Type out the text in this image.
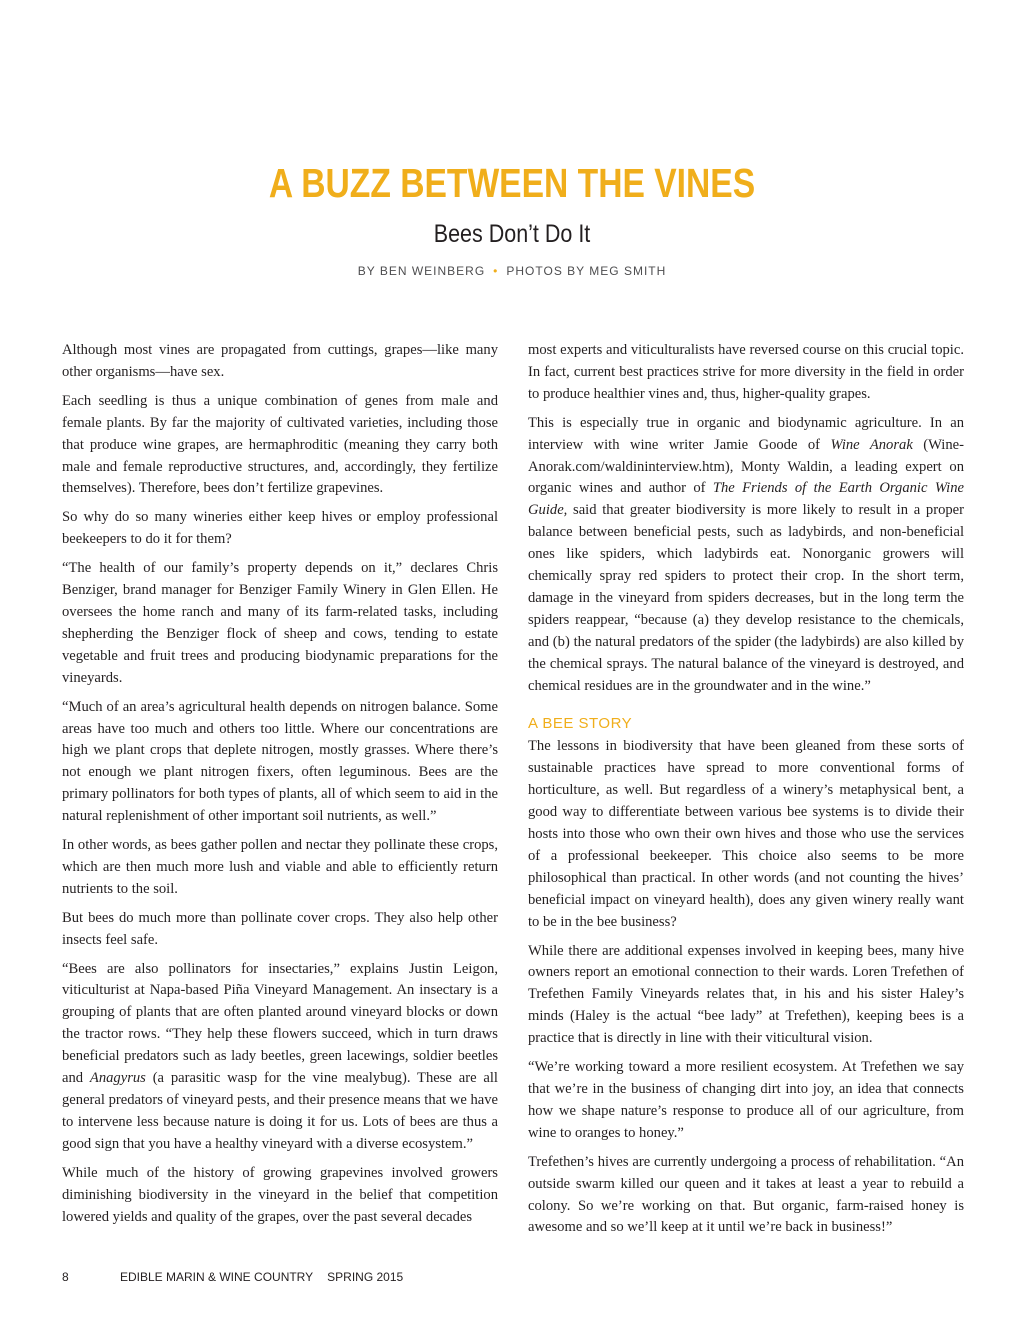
A BUZZ BETWEEN THE VINES
Bees Don’t Do It
BY BEN WEINBERG • PHOTOS BY MEG SMITH

Although most vines are propagated from cuttings, grapes—like many other organisms—have sex.

Each seedling is thus a unique combination of genes from male and female plants. By far the majority of cultivated varieties, including those that produce wine grapes, are hermaphroditic (meaning they carry both male and female reproductive structures, and, accordingly, they fertilize themselves). Therefore, bees don’t fertilize grapevines.

So why do so many wineries either keep hives or employ professional beekeepers to do it for them?

“The health of our family’s property depends on it,” declares Chris Benziger, brand manager for Benziger Family Winery in Glen Ellen. He oversees the home ranch and many of its farm-related tasks, including shepherding the Benziger flock of sheep and cows, tending to estate vegetable and fruit trees and producing biodynamic preparations for the vineyards.

“Much of an area’s agricultural health depends on nitrogen balance. Some areas have too much and others too little. Where our concentrations are high we plant crops that deplete nitrogen, mostly grasses. Where there’s not enough we plant nitrogen fixers, often leguminous. Bees are the primary pollinators for both types of plants, all of which seem to aid in the natural replenishment of other important soil nutrients, as well.”

In other words, as bees gather pollen and nectar they pollinate these crops, which are then much more lush and viable and able to efficiently return nutrients to the soil.

But bees do much more than pollinate cover crops. They also help other insects feel safe.

“Bees are also pollinators for insectaries,” explains Justin Leigon, viticulturist at Napa-based Piña Vineyard Management. An insectary is a grouping of plants that are often planted around vineyard blocks or down the tractor rows. “They help these flowers succeed, which in turn draws beneficial predators such as lady beetles, green lacewings, soldier beetles and Anagyrus (a parasitic wasp for the vine mealybug). These are all general predators of vineyard pests, and their presence means that we have to intervene less because nature is doing it for us. Lots of bees are thus a good sign that you have a healthy vineyard with a diverse ecosystem.”

While much of the history of growing grapevines involved growers diminishing biodiversity in the vineyard in the belief that competition lowered yields and quality of the grapes, over the past several decades

most experts and viticulturalists have reversed course on this crucial topic. In fact, current best practices strive for more diversity in the field in order to produce healthier vines and, thus, higher-quality grapes.

This is especially true in organic and biodynamic agriculture. In an interview with wine writer Jamie Goode of Wine Anorak (Wine-Anorak.com/waldininterview.htm), Monty Waldin, a leading expert on organic wines and author of The Friends of the Earth Organic Wine Guide, said that greater biodiversity is more likely to result in a proper balance between beneficial pests, such as ladybirds, and non-beneficial ones like spiders, which ladybirds eat. Nonorganic growers will chemically spray red spiders to protect their crop. In the short term, damage in the vineyard from spiders decreases, but in the long term the spiders reappear, “because (a) they develop resistance to the chemicals, and (b) the natural predators of the spider (the ladybirds) are also killed by the chemical sprays. The natural balance of the vineyard is destroyed, and chemical residues are in the groundwater and in the wine.”

A BEE STORY

The lessons in biodiversity that have been gleaned from these sorts of sustainable practices have spread to more conventional forms of horticulture, as well. But regardless of a winery’s metaphysical bent, a good way to differentiate between various bee systems is to divide their hosts into those who own their own hives and those who use the services of a professional beekeeper. This choice also seems to be more philosophical than practical. In other words (and not counting the hives’ beneficial impact on vineyard health), does any given winery really want to be in the bee business?

While there are additional expenses involved in keeping bees, many hive owners report an emotional connection to their wards. Loren Trefethen of Trefethen Family Vineyards relates that, in his and his sister Haley’s minds (Haley is the actual “bee lady” at Trefethen), keeping bees is a practice that is directly in line with their viticultural vision.

“We’re working toward a more resilient ecosystem. At Trefethen we say that we’re in the business of changing dirt into joy, an idea that connects how we shape nature’s response to produce all of our agriculture, from wine to oranges to honey.”

Trefethen’s hives are currently undergoing a process of rehabilitation. “An outside swarm killed our queen and it takes at least a year to rebuild a colony. So we’re working on that. But organic, farm-raised honey is awesome and so we’ll keep at it until we’re back in business!”

8	EDIBLE MARIN & WINE COUNTRY SPRING 2015
